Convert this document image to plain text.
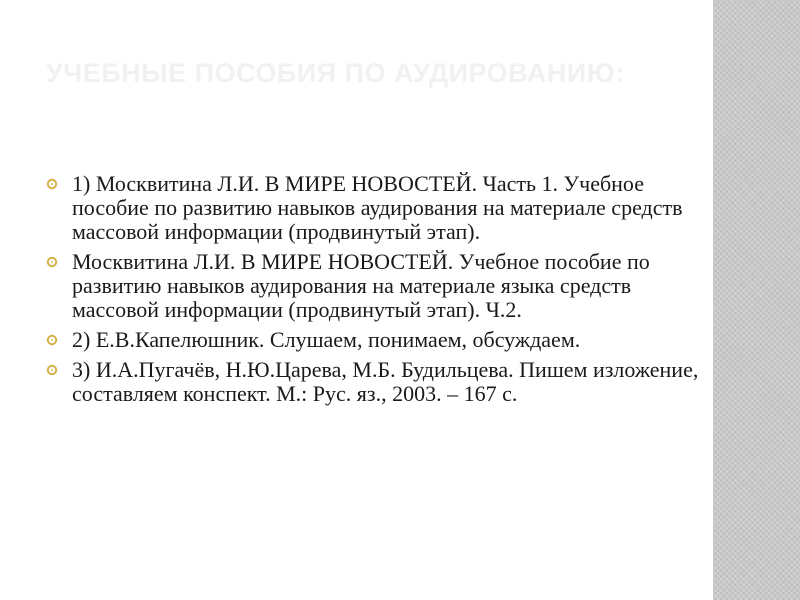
УЧЕБНЫЕ ПОСОБИЯ ПО АУДИРОВАНИЮ:
1) Москвитина Л.И. В МИРЕ НОВОСТЕЙ. Часть 1. Учебное пособие по развитию навыков аудирования на материале средств массовой информации (продвинутый этап).
Москвитина Л.И. В МИРЕ НОВОСТЕЙ. Учебное пособие по развитию навыков аудирования на материале языка средств массовой информации (продвинутый этап). Ч.2.
2) Е.В.Капелюшник. Слушаем, понимаем, обсуждаем.
3) И.А.Пугачёв, Н.Ю.Царева, М.Б. Будильцева. Пишем изложение, составляем конспект. М.: Рус. яз., 2003. – 167 с.
